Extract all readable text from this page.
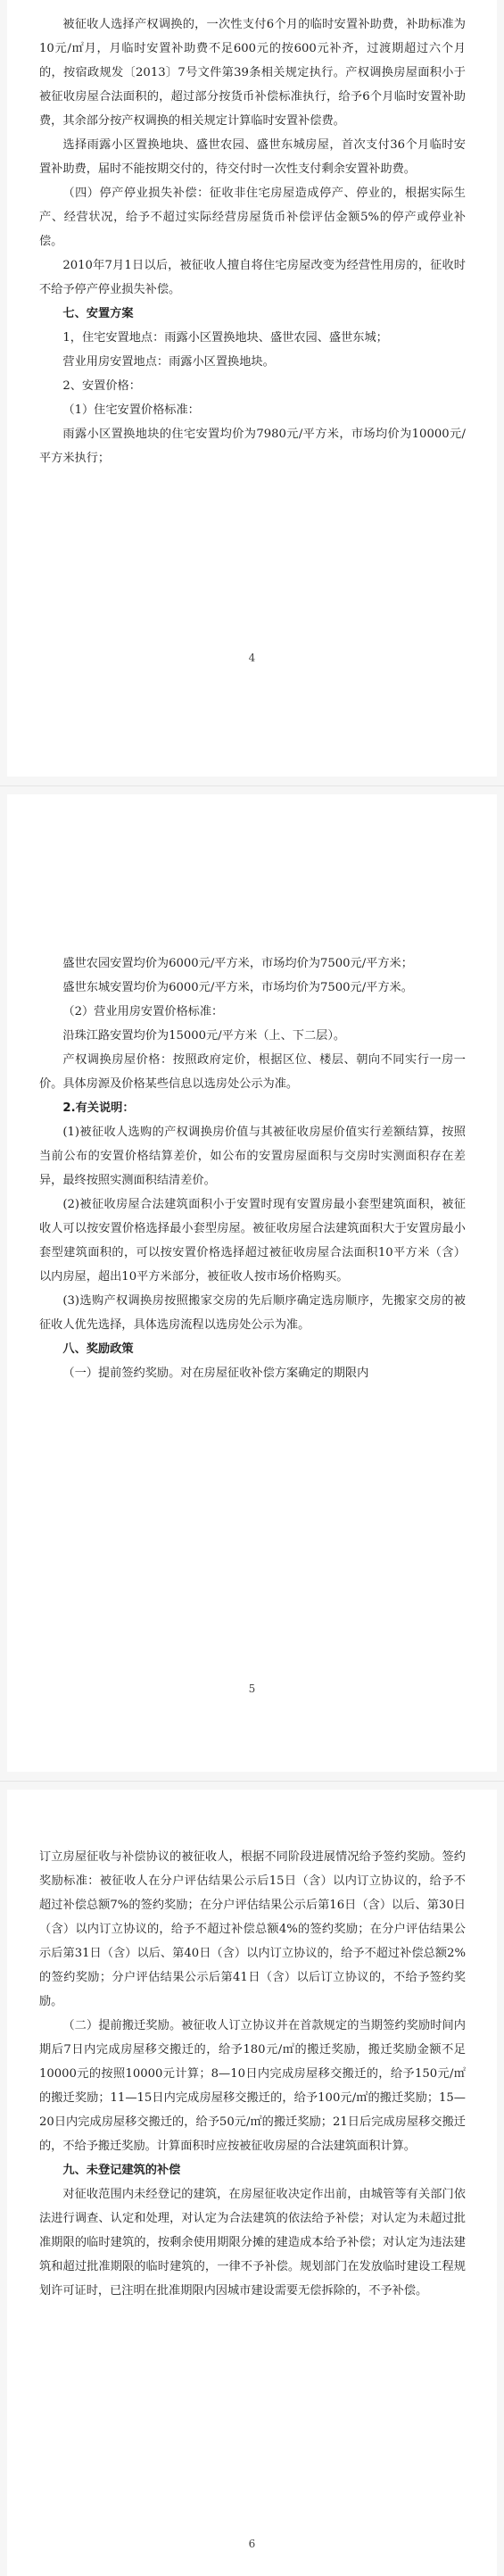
被征收人选择产权调换的，一次性支付6个月的临时安置补助费，补助标准为10元/㎡月，月临时安置补助费不足600元的按600元补齐，过渡期超过六个月的，按宿政规发〔2013〕7号文件第39条相关规定执行。产权调换房屋面积小于被征收房屋合法面积的，超过部分按货币补偿标准执行，给予6个月临时安置补助费，其余部分按产权调换的相关规定计算临时安置补偿费。

选择雨露小区置换地块、盛世农园、盛世东城房屋，首次支付36个月临时安置补助费，届时不能按期交付的，待交付时一次性支付剩余安置补助费。

（四）停产停业损失补偿：征收非住宅房屋造成停产、停业的，根据实际生产、经营状况，给予不超过实际经营房屋货币补偿评估金额5%的停产或停业补偿。

2010年7月1日以后，被征收人擅自将住宅房屋改变为经营性用房的，征收时不给予停产停业损失补偿。

七、安置方案

1，住宅安置地点：雨露小区置换地块、盛世农园、盛世东城；

营业用房安置地点：雨露小区置换地块。

2、安置价格：

（1）住宅安置价格标准：

雨露小区置换地块的住宅安置均价为7980元/平方米，市场均价为10000元/平方米执行；

4

盛世农园安置均价为6000元/平方米，市场均价为7500元/平方米；

盛世东城安置均价为6000元/平方米，市场均价为7500元/平方米。

（2）营业用房安置价格标准：

沿珠江路安置均价为15000元/平方米（上、下二层）。

产权调换房屋价格：按照政府定价，根据区位、楼层、朝向不同实行一房一价。具体房源及价格某些信息以选房处公示为准。

2.有关说明：

(1)被征收人选购的产权调换房价值与其被征收房屋价值实行差额结算，按照当前公布的安置价格结算差价，如公布的安置房屋面积与交房时实测面积存在差异，最终按照实测面积结清差价。

(2)被征收房屋合法建筑面积小于安置时现有安置房最小套型建筑面积，被征收人可以按安置价格选择最小套型房屋。被征收房屋合法建筑面积大于安置房最小套型建筑面积的，可以按安置价格选择超过被征收房屋合法面积10平方米（含）以内房屋，超出10平方米部分，被征收人按市场价格购买。

(3)选购产权调换房按照搬家交房的先后顺序确定选房顺序，先搬家交房的被征收人优先选择，具体选房流程以选房处公示为准。

八、奖励政策

（一）提前签约奖励。对在房屋征收补偿方案确定的期限内

5

订立房屋征收与补偿协议的被征收人，根据不同阶段进展情况给予签约奖励。签约奖励标准：被征收人在分户评估结果公示后15日（含）以内订立协议的，给予不超过补偿总额7%的签约奖励；在分户评估结果公示后第16日（含）以后、第30日（含）以内订立协议的，给予不超过补偿总额4%的签约奖励；在分户评估结果公示后第31日（含）以后、第40日（含）以内订立协议的，给予不超过补偿总额2%的签约奖励；分户评估结果公示后第41日（含）以后订立协议的，不给予签约奖励。

（二）提前搬迁奖励。被征收人订立协议并在首款规定的当期签约奖励时间内期后7日内完成房屋移交搬迁的，给予180元/㎡的搬迁奖励，搬迁奖励金额不足10000元的按照10000元计算；8—10日内完成房屋移交搬迁的，给予150元/㎡的搬迁奖励；11—15日内完成房屋移交搬迁的，给予100元/㎡的搬迁奖励；15—20日内完成房屋移交搬迁的，给予50元/㎡的搬迁奖励；21日后完成房屋移交搬迁的，不给予搬迁奖励。计算面积时应按被征收房屋的合法建筑面积计算。

九、未登记建筑的补偿

对征收范围内未经登记的建筑，在房屋征收决定作出前，由城管等有关部门依法进行调查、认定和处理，对认定为合法建筑的依法给予补偿；对认定为未超过批准期限的临时建筑的，按剩余使用期限分摊的建造成本给予补偿；对认定为违法建筑和超过批准期限的临时建筑的，一律不予补偿。规划部门在发放临时建设工程规划许可证时，已注明在批准期限内因城市建设需要无偿拆除的，不予补偿。

6
